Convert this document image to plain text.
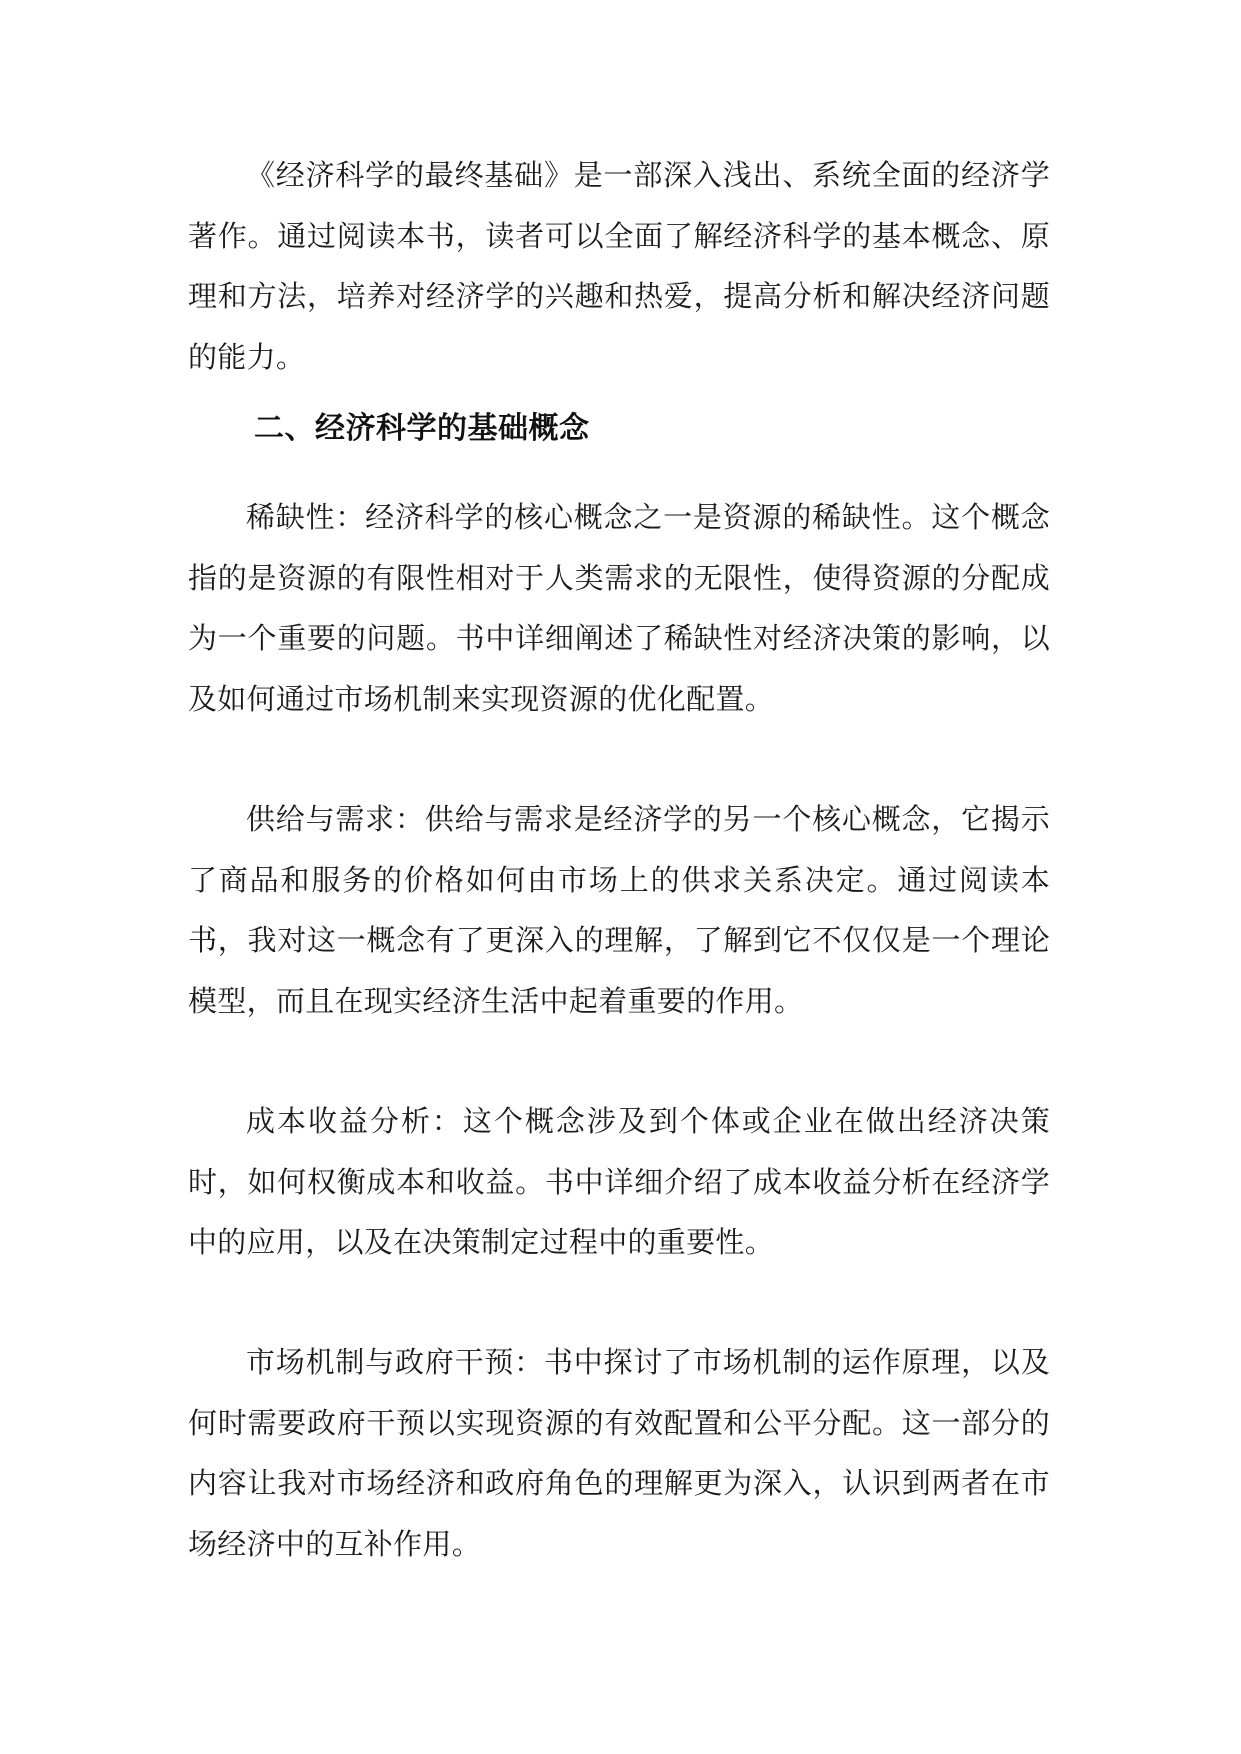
《经济科学的最终基础》是一部深入浅出、系统全面的经济学著作。通过阅读本书，读者可以全面了解经济科学的基本概念、原理和方法，培养对经济学的兴趣和热爱，提高分析和解决经济问题的能力。

二、经济科学的基础概念

稀缺性：经济科学的核心概念之一是资源的稀缺性。这个概念指的是资源的有限性相对于人类需求的无限性，使得资源的分配成为一个重要的问题。书中详细阐述了稀缺性对经济决策的影响，以及如何通过市场机制来实现资源的优化配置。

供给与需求：供给与需求是经济学的另一个核心概念，它揭示了商品和服务的价格如何由市场上的供求关系决定。通过阅读本书，我对这一概念有了更深入的理解，了解到它不仅仅是一个理论模型，而且在现实经济生活中起着重要的作用。

成本收益分析：这个概念涉及到个体或企业在做出经济决策时，如何权衡成本和收益。书中详细介绍了成本收益分析在经济学中的应用，以及在决策制定过程中的重要性。

市场机制与政府干预：书中探讨了市场机制的运作原理，以及何时需要政府干预以实现资源的有效配置和公平分配。这一部分的内容让我对市场经济和政府角色的理解更为深入，认识到两者在市场经济中的互补作用。
